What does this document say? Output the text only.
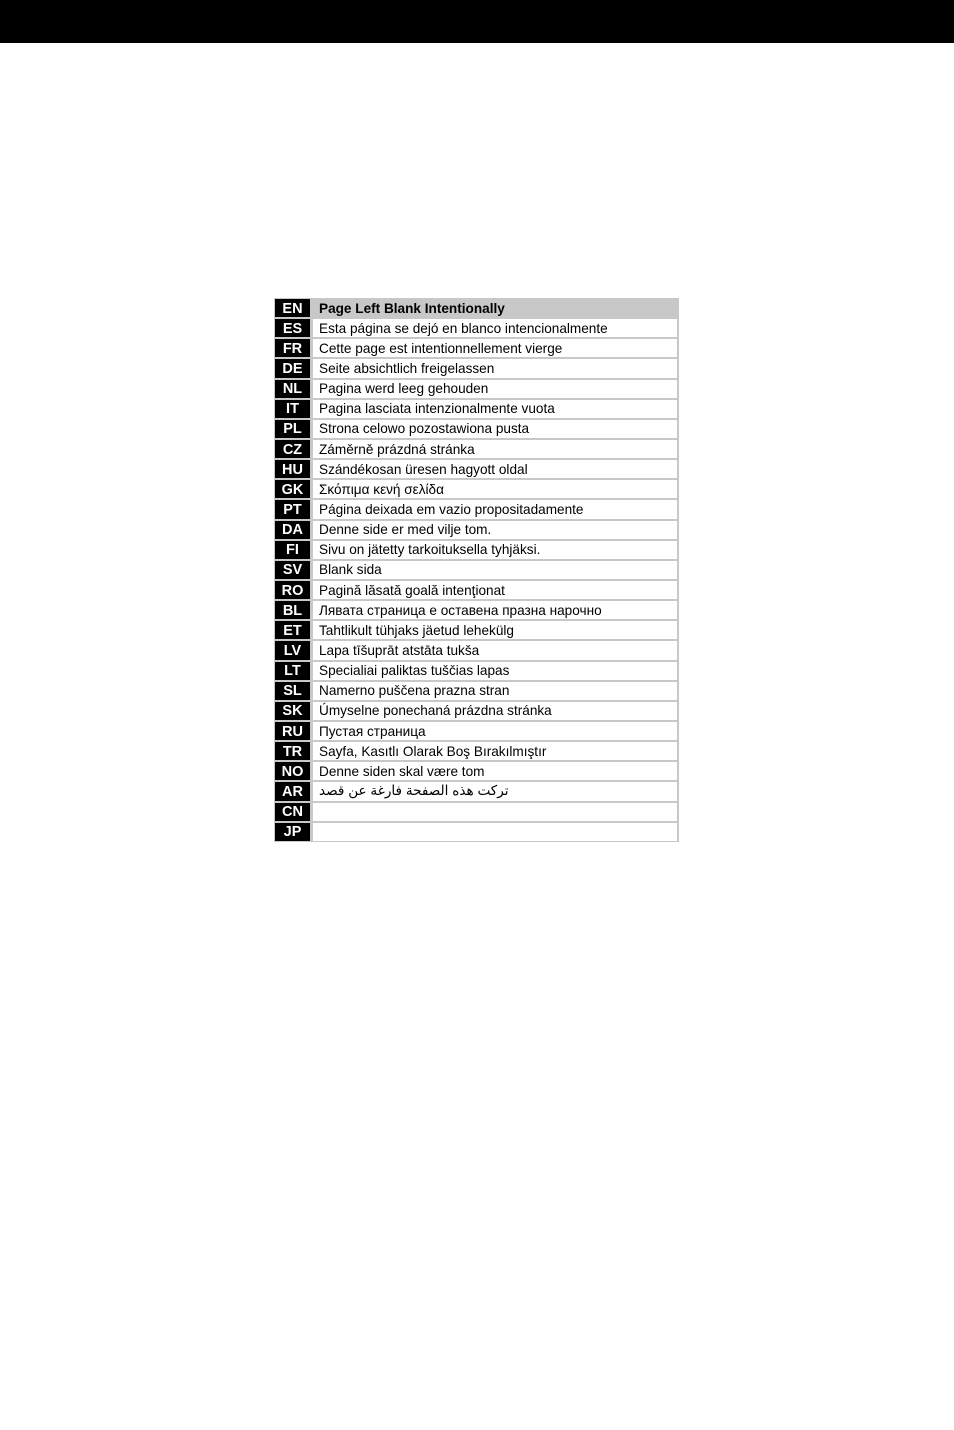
EN	Page Left Blank Intentionally
ES	Esta página se dejó en blanco intencionalmente
FR	Cette page est intentionnellement vierge
DE	Seite absichtlich freigelassen
NL	Pagina werd leeg gehouden
IT	Pagina lasciata intenzionalmente vuota
PL	Strona celowo pozostawiona pusta
CZ	Záměrně prázdná stránka
HU	Szándékosan üresen hagyott oldal
GK	Σκόπιμα κενή σελίδα
PT	Página deixada em vazio propositadamente
DA	Denne side er med vilje tom.
FI	Sivu on jätetty tarkoituksella tyhjäksi.
SV	Blank sida
RO	Pagină lăsată goală intenţionat
BL	Лявата страница е оставена празна нарочно
ET	Tahtlikult tühjaks jäetud lehekülg
LV	Lapa tīšuprāt atstāta tukša
LT	Specialiai paliktas tuščias lapas
SL	Namerno puščena prazna stran
SK	Úmyselne ponechaná prázdna stránka
RU	Пустая страница
TR	Sayfa, Kasıtlı Olarak Boş Bırakılmıştır
NO	Denne siden skal være tom
AR	تركت هذه الصفحة فارغة عن قصد
CN
JP
